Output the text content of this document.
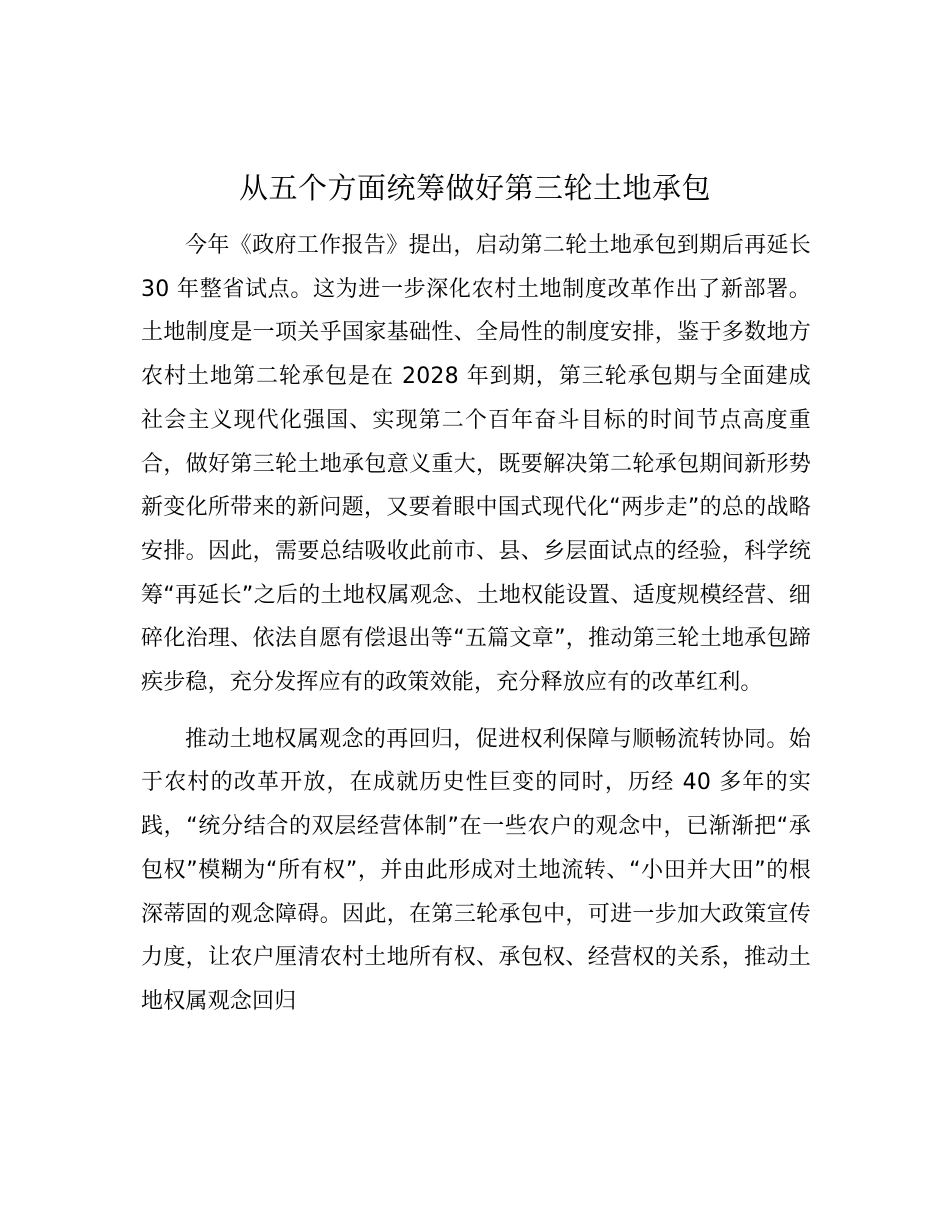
从五个方面统筹做好第三轮土地承包

今年《政府工作报告》提出，启动第二轮土地承包到期后再延长 30 年整省试点。这为进一步深化农村土地制度改革作出了新部署。土地制度是一项关乎国家基础性、全局性的制度安排，鉴于多数地方农村土地第二轮承包是在 2028 年到期，第三轮承包期与全面建成社会主义现代化强国、实现第二个百年奋斗目标的时间节点高度重合，做好第三轮土地承包意义重大，既要解决第二轮承包期间新形势新变化所带来的新问题，又要着眼中国式现代化“两步走”的总的战略安排。因此，需要总结吸收此前市、县、乡层面试点的经验，科学统筹“再延长”之后的土地权属观念、土地权能设置、适度规模经营、细碎化治理、依法自愿有偿退出等“五篇文章”，推动第三轮土地承包蹄疾步稳，充分发挥应有的政策效能，充分释放应有的改革红利。

推动土地权属观念的再回归，促进权利保障与顺畅流转协同。始于农村的改革开放，在成就历史性巨变的同时，历经 40 多年的实践，“统分结合的双层经营体制”在一些农户的观念中，已渐渐把“承包权”模糊为“所有权”，并由此形成对土地流转、“小田并大田”的根深蒂固的观念障碍。因此，在第三轮承包中，可进一步加大政策宣传力度，让农户厘清农村土地所有权、承包权、经营权的关系，推动土地权属观念回归
